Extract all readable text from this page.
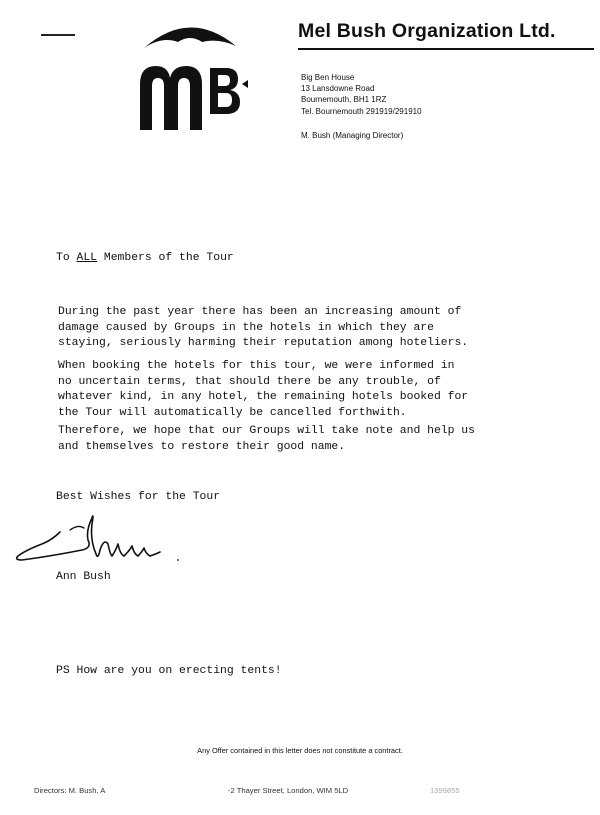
Mel Bush Organization Ltd.
Big Ben House
13 Lansdowne Road
Bournemouth, BH1 1RZ
Tel. Bournemouth 291919/291910
M. Bush (Managing Director)
To ALL Members of the Tour
During the past year there has been an increasing amount of
damage caused by Groups in the hotels in which they are
staying, seriously harming their reputation among hoteliers.
When booking the hotels for this tour, we were informed in
no uncertain terms, that should there be any trouble, of
whatever kind, in any hotel, the remaining hotels booked for
the Tour will automatically be cancelled forthwith.
Therefore, we hope that our Groups will take note and help us
and themselves to restore their good name.
Best Wishes for the Tour
Ann Bush
PS How are you on erecting tents!
Any Offer contained in this letter does not constitute a contract.
Directors: M. Bush, A	-2 Thayer Street, London, WIM 5LD	1399855
